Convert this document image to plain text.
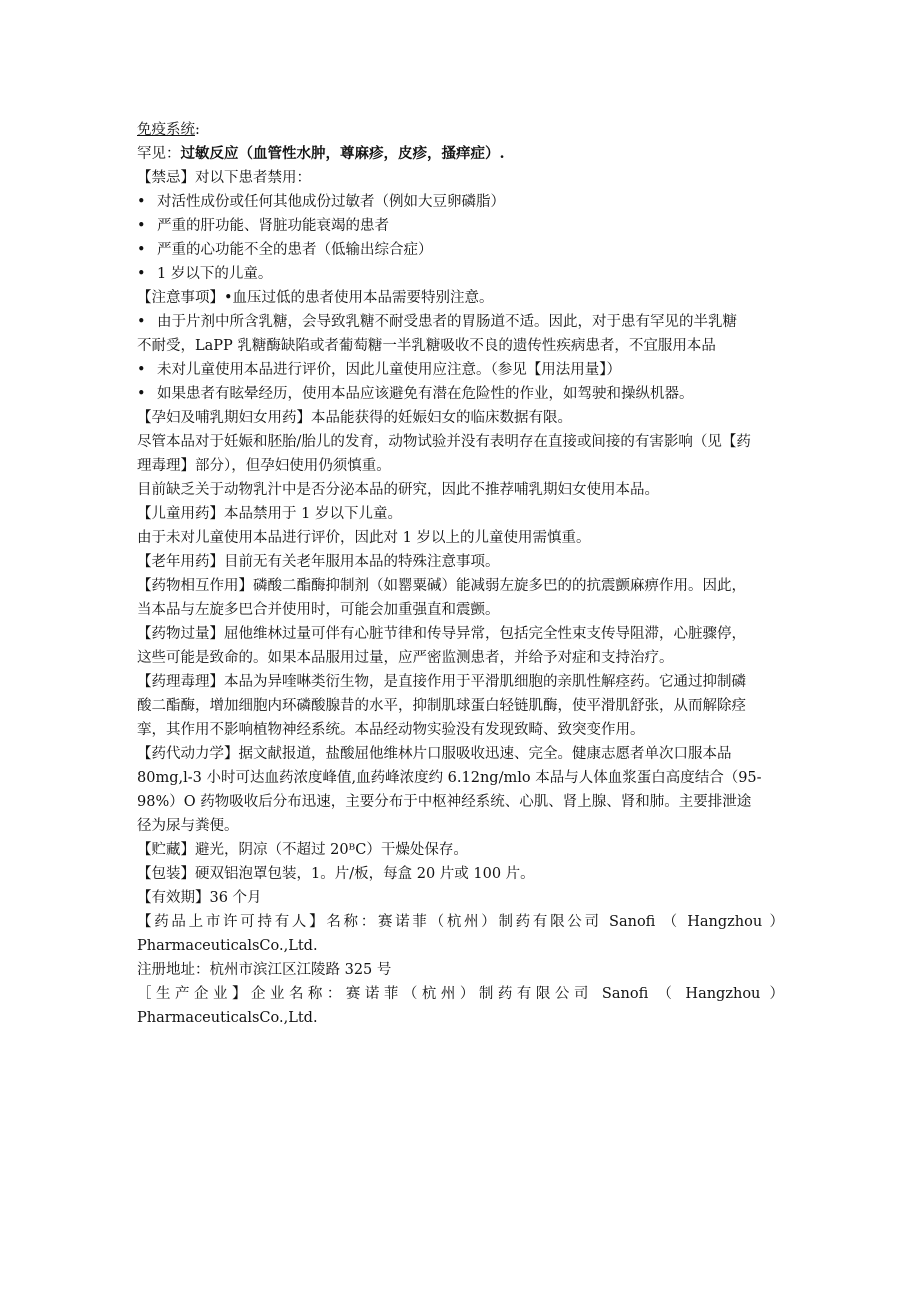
免疫系统:
罕见：过敏反应（血管性水肿，尊麻疹，皮疹，搔痒症）.
【禁忌】对以下患者禁用：
• 对活性成份或任何其他成份过敏者（例如大豆卵磷脂）
• 严重的肝功能、肾脏功能衰竭的患者
• 严重的心功能不全的患者（低输出综合症）
• 1 岁以下的儿童。
【注意事项】•血压过低的患者使用本品需要特别注意。
• 由于片剂中所含乳糖，会导致乳糖不耐受患者的胃肠道不适。因此，对于患有罕见的半乳糖
不耐受，LaPP 乳糖酶缺陷或者葡萄糖一半乳糖吸收不良的遗传性疾病患者，不宜服用本品
• 未对儿童使用本品进行评价，因此儿童使用应注意。（参见【用法用量】）
• 如果患者有眩晕经历，使用本品应该避免有潜在危险性的作业，如驾驶和操纵机器。
【孕妇及哺乳期妇女用药】本品能获得的妊娠妇女的临床数据有限。
尽管本品对于妊娠和胚胎/胎儿的发育，动物试验并没有表明存在直接或间接的有害影响（见【药
理毒理】部分），但孕妇使用仍须慎重。
目前缺乏关于动物乳汁中是否分泌本品的研究，因此不推荐哺乳期妇女使用本品。
【儿童用药】本品禁用于 1 岁以下儿童。
由于未对儿童使用本品进行评价，因此对 1 岁以上的儿童使用需慎重。
【老年用药】目前无有关老年服用本品的特殊注意事项。
【药物相互作用】磷酸二酯酶抑制剂（如罂粟碱）能减弱左旋多巴的的抗震颤麻痹作用。因此，
当本品与左旋多巴合并使用时，可能会加重强直和震颤。
【药物过量】屈他维林过量可伴有心脏节律和传导异常，包括完全性束支传导阻滞，心脏骤停，
这些可能是致命的。如果本品服用过量，应严密监测患者，并给予对症和支持治疗。
【药理毒理】本品为异喹啉类衍生物，是直接作用于平滑肌细胞的亲肌性解痉药。它通过抑制磷
酸二酯酶，增加细胞内环磷酸腺昔的水平，抑制肌球蛋白轻链肌酶，使平滑肌舒张，从而解除痉
挛，其作用不影响植物神经系统。本品经动物实验没有发现致畸、致突变作用。
【药代动力学】据文献报道，盐酸屈他维林片口服吸收迅速、完全。健康志愿者单次口服本品
80mg,l-3 小时可达血药浓度峰值,血药峰浓度约 6.12ng∕mlo 本品与人体血浆蛋白高度结合（95-
98%）O 药物吸收后分布迅速，主要分布于中枢神经系统、心肌、肾上腺、肾和肺。主要排泄途
径为尿与粪便。
【贮藏】避光，阴凉（不超过 20ᴮC）干燥处保存。
【包装】硬双铝泡罩包装，1。片/板，每盒 20 片或 100 片。
【有效期】36 个月
【药品上市许可持有人】名称：赛诺菲（杭州）制药有限公司 Sanofi （ Hangzhou ）
PharmaceuticalsCo.,Ltd.
注册地址：杭州市滨江区江陵路 325 号
［生产企业】企业名称：赛诺菲（杭州）制药有限公司 Sanofi （ Hangzhou ）
PharmaceuticalsCo.,Ltd.
